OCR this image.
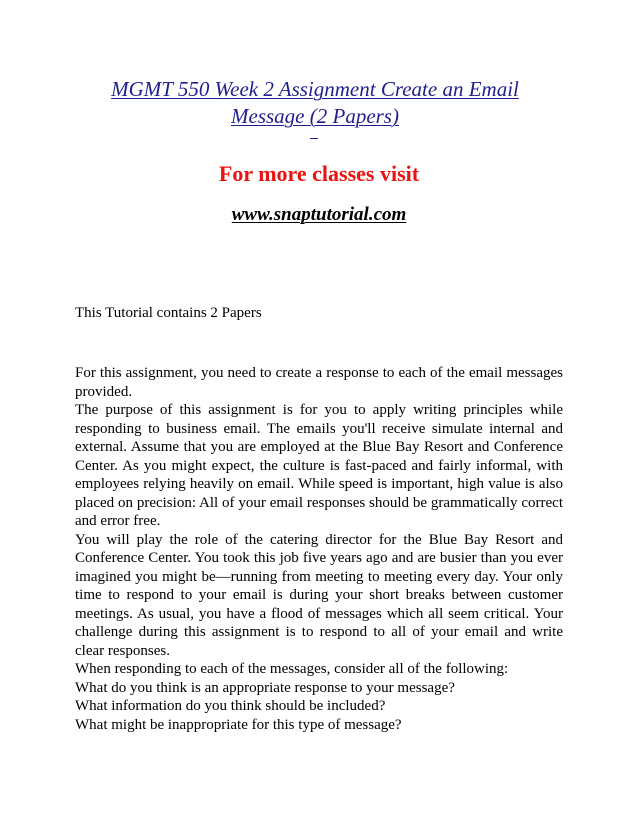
MGMT 550 Week 2 Assignment Create an Email
Message (2 Papers)
For more classes visit
www.snaptutorial.com
This Tutorial contains 2 Papers

For this assignment, you need to create a response to each of the email messages provided.

The purpose of this assignment is for you to apply writing principles while responding to business email. The emails you'll receive simulate internal and external. Assume that you are employed at the Blue Bay Resort and Conference Center. As you might expect, the culture is fast-paced and fairly informal, with employees relying heavily on email. While speed is important, high value is also placed on precision: All of your email responses should be grammatically correct and error free.

You will play the role of the catering director for the Blue Bay Resort and Conference Center. You took this job five years ago and are busier than you ever imagined you might be—running from meeting to meeting every day. Your only time to respond to your email is during your short breaks between customer meetings. As usual, you have a flood of messages which all seem critical. Your challenge during this assignment is to respond to all of your email and write clear responses.

When responding to each of the messages, consider all of the following:

What do you think is an appropriate response to your message?

What information do you think should be included?

What might be inappropriate for this type of message?
